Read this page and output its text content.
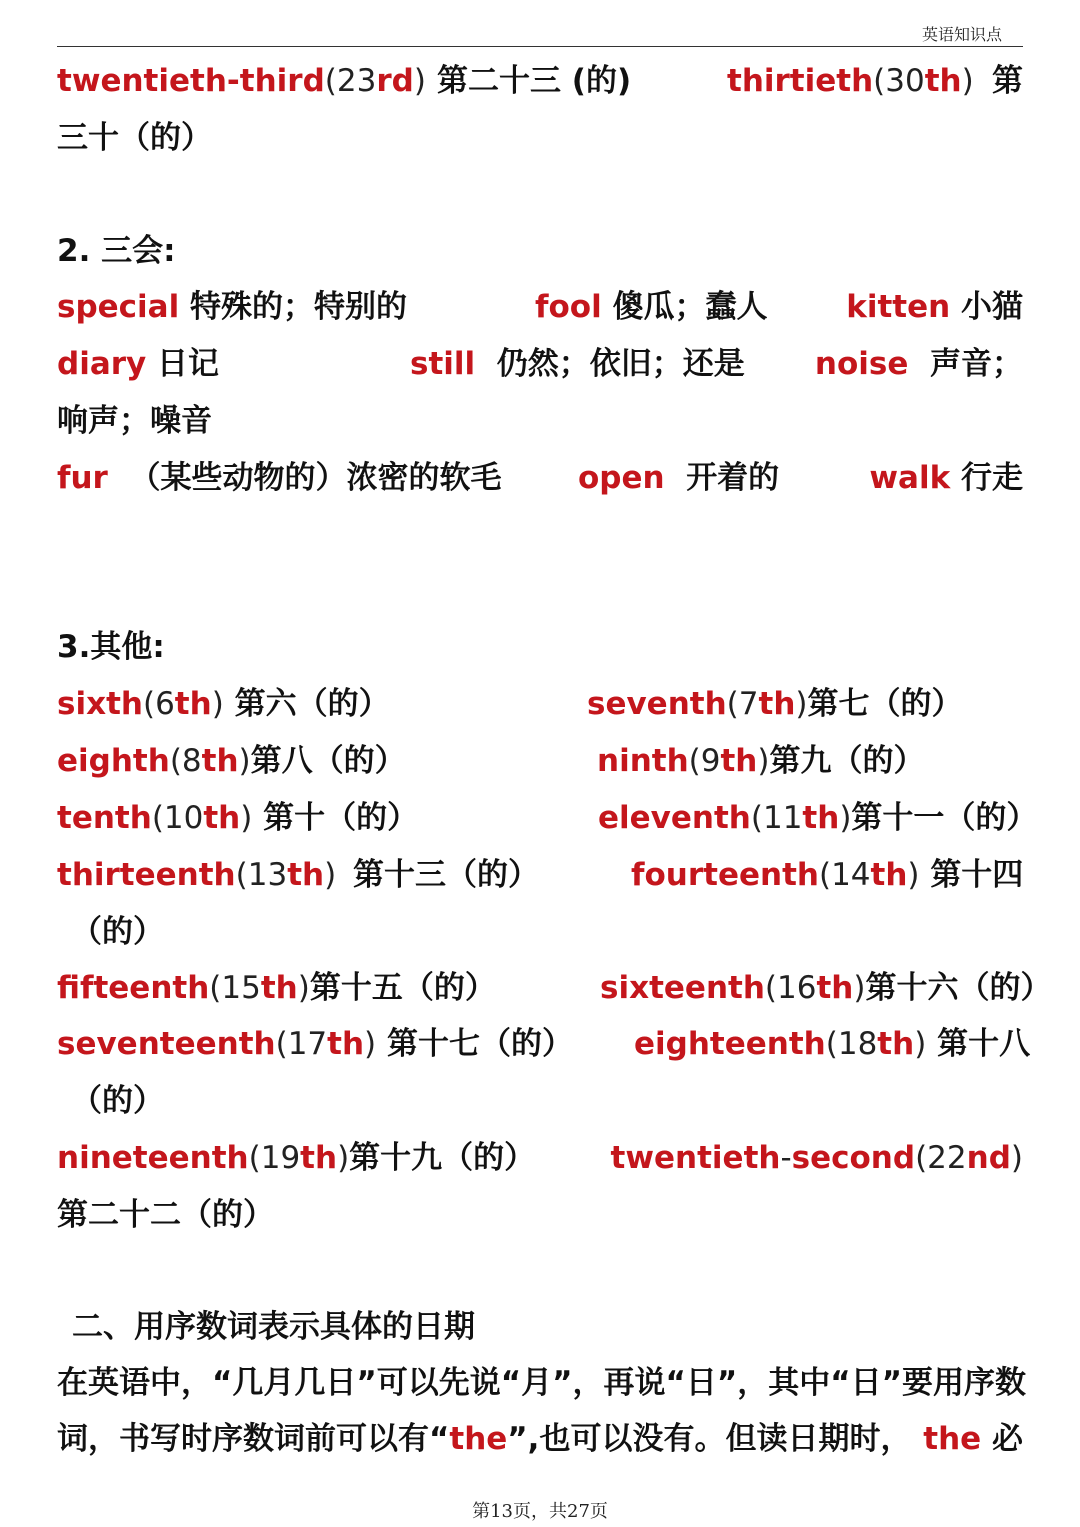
英语知识点
twentieth-third(23rd) 第二十三 (的)	thirtieth(30th) 第
三十（的）
2. 三会:
special 特殊的；特别的	fool 傻瓜；蠢人	kitten 小猫
diary 日记	still 仍然；依旧；还是 noise 声音；
响声；噪音
fur （某些动物的）浓密的软毛 open 开着的	walk 行走
3.其他:
sixth(6th) 第六（的）	seventh(7th)第七（的）
eighth(8th)第八（的）	ninth(9th)第九（的）
tenth(10th) 第十（的）	eleventh(11th)第十一（的）
thirteenth(13th) 第十三（的）	fourteenth(14th) 第十四
（的）
fifteenth(15th)第十五（的）	sixteenth(16th)第十六（的）
seventeenth(17th) 第十七（的） eighteenth(18th) 第十八
（的）
nineteenth(19th)第十九（的） twentieth-second(22nd)
第二十二（的）
二、用序数词表示具体的日期
在英语中，“几月几日”可以先说“月”，再说“日”，其中“日”要用序数
词，书写时序数词前可以有“the”,也可以没有。但读日期时， the 必
第13页，共27页
